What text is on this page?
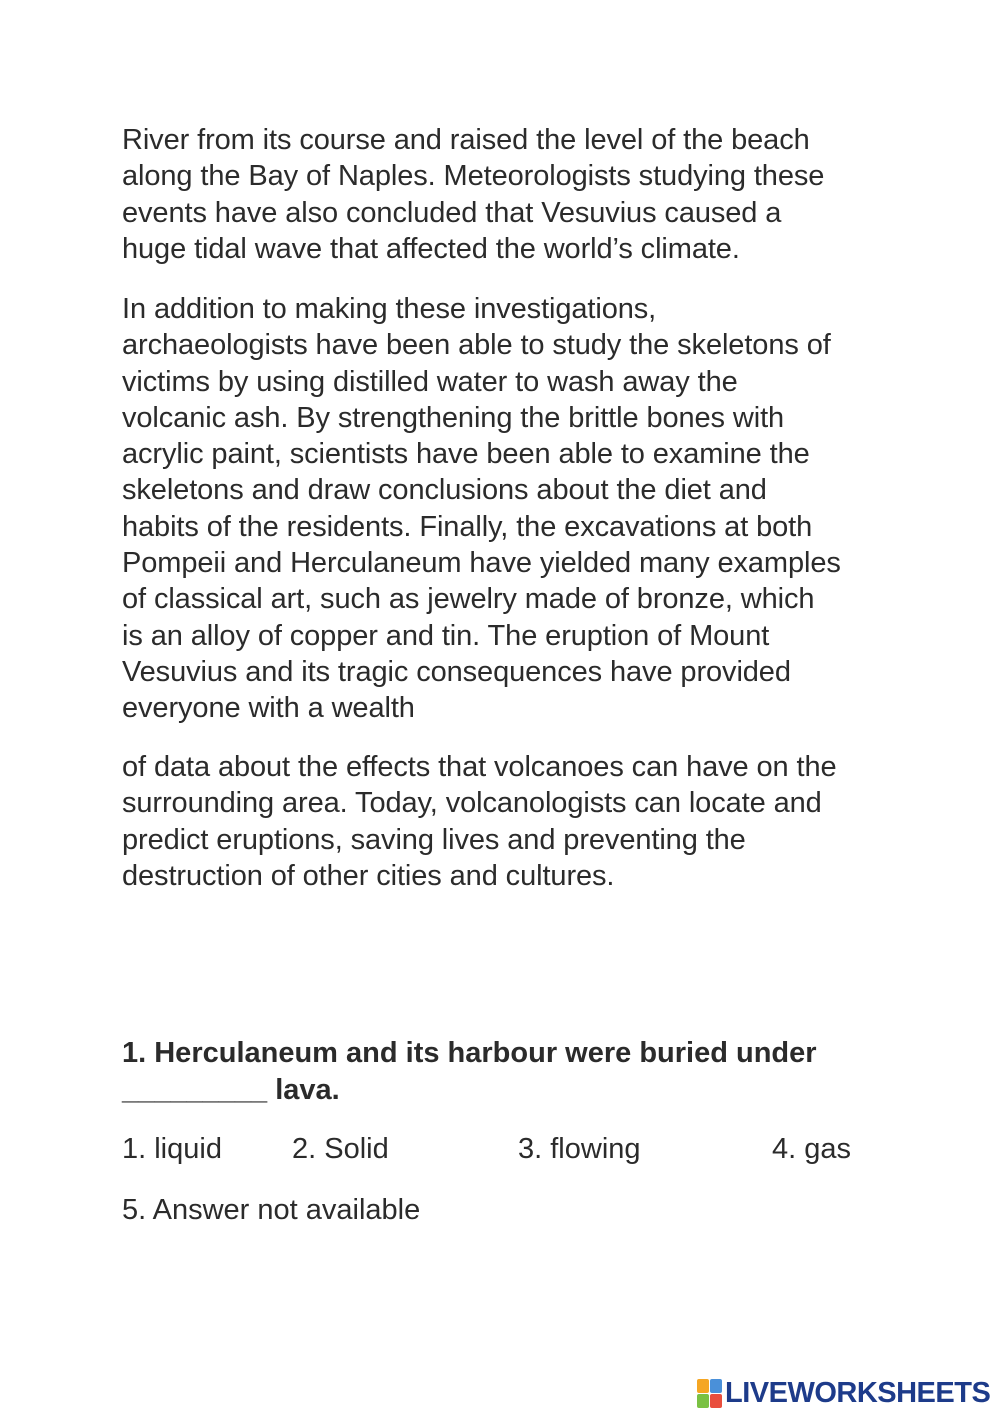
River from its course and raised the level of the beach
along the Bay of Naples. Meteorologists studying these
events have also concluded that Vesuvius caused a
huge tidal wave that affected the world’s climate.

In addition to making these investigations,
archaeologists have been able to study the skeletons of
victims by using distilled water to wash away the
volcanic ash. By strengthening the brittle bones with
acrylic paint, scientists have been able to examine the
skeletons and draw conclusions about the diet and
habits of the residents. Finally, the excavations at both
Pompeii and Herculaneum have yielded many examples
of classical art, such as jewelry made of bronze, which
is an alloy of copper and tin. The eruption of Mount
Vesuvius and its tragic consequences have provided
everyone with a wealth

of data about the effects that volcanoes can have on the
surrounding area. Today, volcanologists can locate and
predict eruptions, saving lives and preventing the
destruction of other cities and cultures.

1. Herculaneum and its harbour were buried under
_________ lava.

1. liquid 2. Solid	3. flowing	4. gas
5. Answer not available
LIVEWORKSHEETS
